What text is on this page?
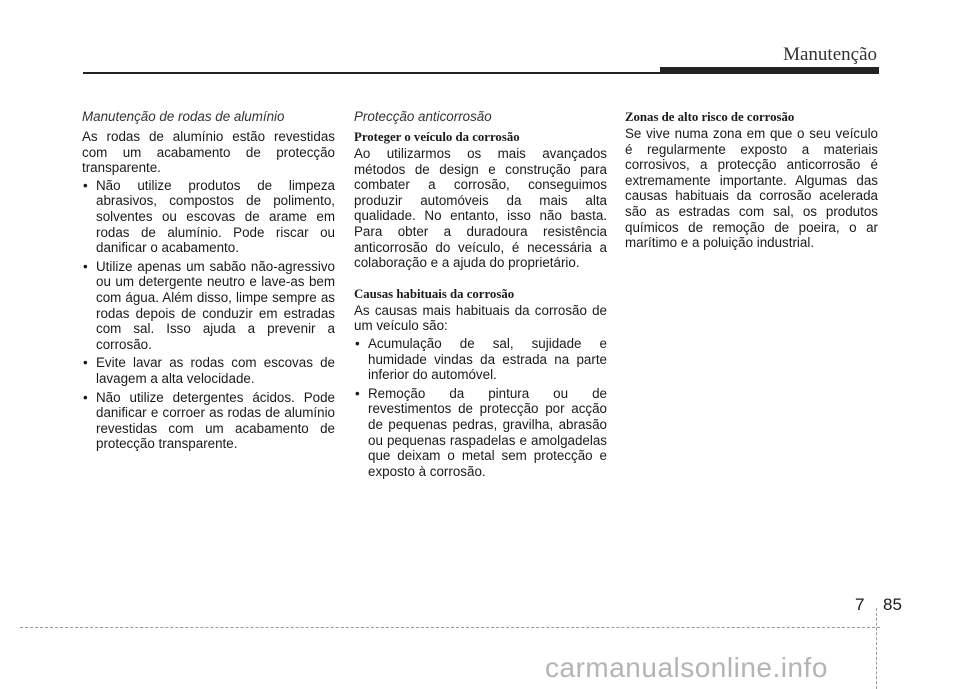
Manutenção
Manutenção de rodas de alumínio

As rodas de alumínio estão revestidas com um acabamento de protecção transparente.

• Não utilize produtos de limpeza abrasivos, compostos de polimento, solventes ou escovas de arame em rodas de alumínio. Pode riscar ou danificar o acabamento.
• Utilize apenas um sabão não-agressivo ou um detergente neutro e lave-as bem com água. Além disso, limpe sempre as rodas depois de conduzir em estradas com sal. Isso ajuda a prevenir a corrosão.
• Evite lavar as rodas com escovas de lavagem a alta velocidade.
• Não utilize detergentes ácidos. Pode danificar e corroer as rodas de alumínio revestidas com um acabamento de protecção transparente.
Protecção anticorrosão
Proteger o veículo da corrosão

Ao utilizarmos os mais avançados métodos de design e construção para combater a corrosão, conseguimos produzir automóveis da mais alta qualidade. No entanto, isso não basta. Para obter a duradoura resistência anticorrosão do veículo, é necessária a colaboração e a ajuda do proprietário.

Causas habituais da corrosão

As causas mais habituais da corrosão de um veículo são:

• Acumulação de sal, sujidade e humidade vindas da estrada na parte inferior do automóvel.
• Remoção da pintura ou de revestimentos de protecção por acção de pequenas pedras, gravilha, abrasão ou pequenas raspadelas e amolgadelas que deixam o metal sem protecção e exposto à corrosão.
Zonas de alto risco de corrosão

Se vive numa zona em que o seu veículo é regularmente exposto a materiais corrosivos, a protecção anticorrosão é extremamente importante. Algumas das causas habituais da corrosão acelerada são as estradas com sal, os produtos químicos de remoção de poeira, o ar marítimo e a poluição industrial.

7 85
carmanualsonline.info
